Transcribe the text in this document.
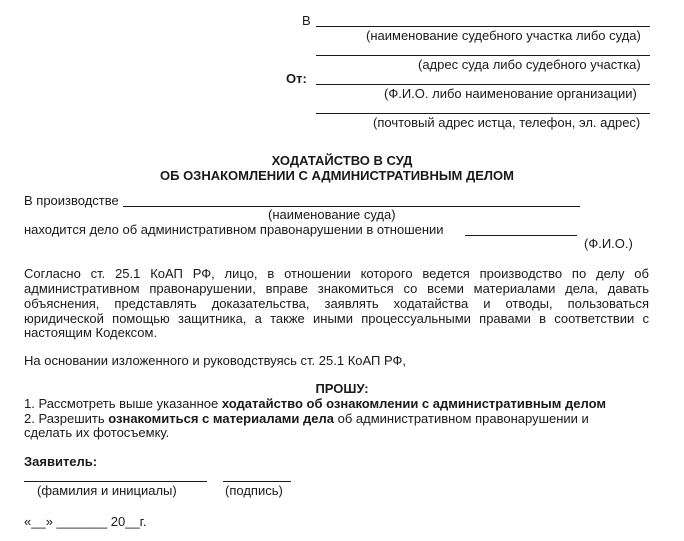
В
(наименование судебного участка либо суда)
(адрес суда либо судебного участка)
От:
(Ф.И.О. либо наименование организации)
(почтовый адрес истца, телефон, эл. адрес)
ХОДАТАЙСТВО В СУД
ОБ ОЗНАКОМЛЕНИИ С АДМИНИСТРАТИВНЫМ ДЕЛОМ
В производстве
(наименование суда)
находится дело об административном правонарушении в отношении
(Ф.И.О.)
Согласно ст. 25.1 КоАП РФ, лицо, в отношении которого ведется производство по делу об
административном правонарушении, вправе знакомиться со всеми материалами дела, давать
объяснения, представлять доказательства, заявлять ходатайства и отводы, пользоваться
юридической помощью защитника, а также иными процессуальными правами в соответствии с
настоящим Кодексом.
На основании изложенного и руководствуясь ст. 25.1 КоАП РФ,
ПРОШУ:
1. Рассмотреть выше указанное ходатайство об ознакомлении с административным делом
2. Разрешить ознакомиться с материалами дела об административном правонарушении и
сделать их фотосъемку.
Заявитель:
(фамилия и инициалы)	(подпись)
«__» _______ 20__г.
